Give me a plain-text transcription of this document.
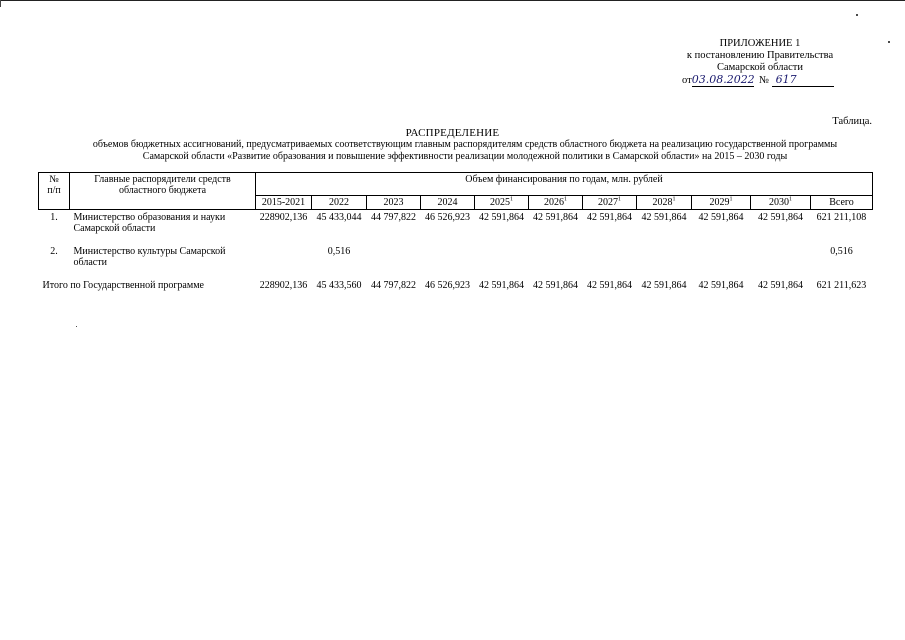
ПРИЛОЖЕНИЕ 1
к постановлению Правительства
Самарской области
от03.08.2022 № 617
Таблица.
РАСПРЕДЕЛЕНИЕ
объемов бюджетных ассигнований, предусматриваемых соответствующим главным распорядителям средств областного бюджета на реализацию государственной программы
Самарской области «Развитие образования и повышение эффективности реализации молодежной политики в Самарской области» на 2015 – 2030 годы
№
п/п	Главные распорядители средств областного бюджета	Объем финансирования по годам, млн. рублей										
		2015-2021	2022	2023	2024	2025$^1$	2026$^1$	2027$^1$	2028$^1$	2029$^1$	2030$^1$	Всего
1.	Министерство образования и науки Самарской области	228902,136	45 433,044	44 797,822	46 526,923	42 591,864	42 591,864	42 591,864	42 591,864	42 591,864	42 591,864	621 211,108

2.	Министерство культуры Самарской области		0,516									0,516

Итого по Государственной программе		228902,136	45 433,560	44 797,822	46 526,923	42 591,864	42 591,864	42 591,864	42 591,864	42 591,864	42 591,864	621 211,623
